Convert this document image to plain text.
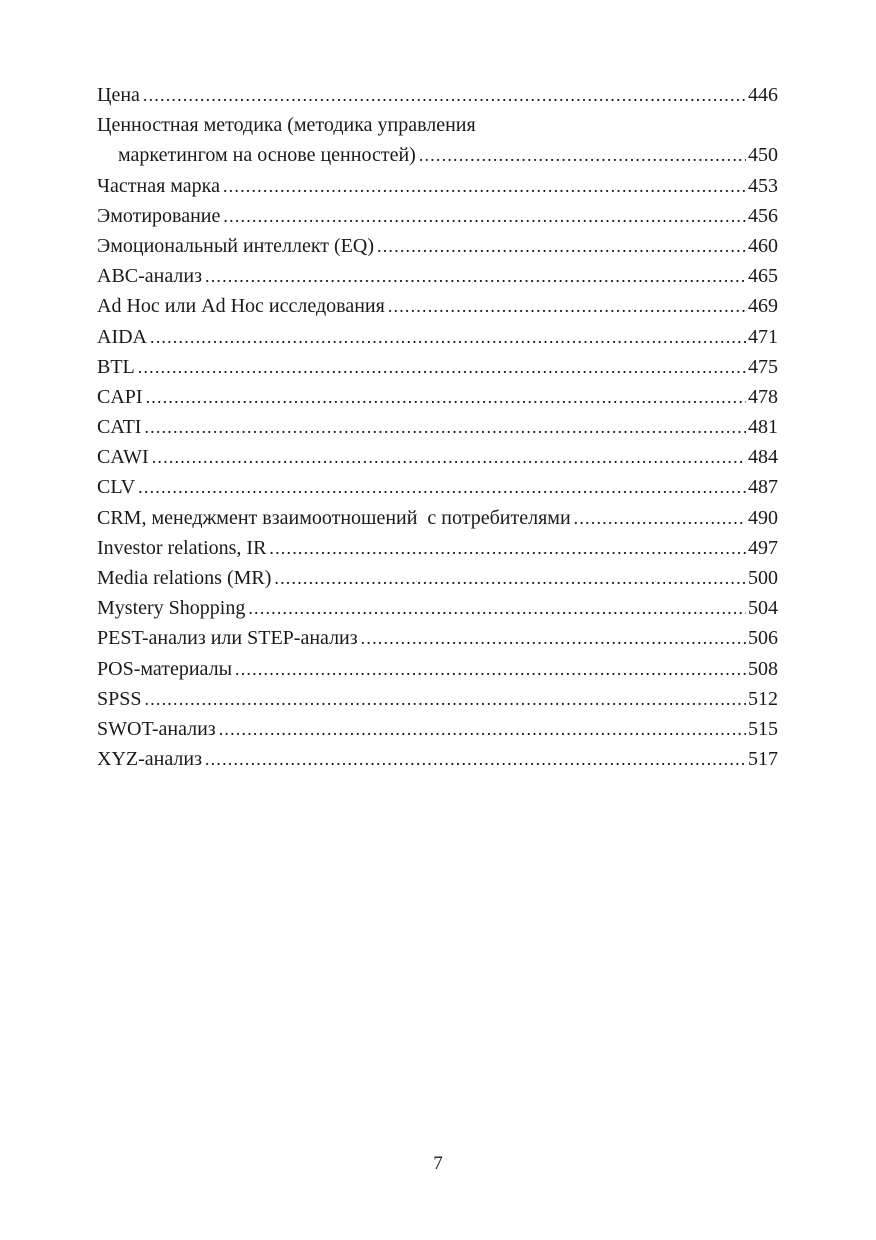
Цена .....	446
Ценностная методика (методика управления
маркетингом на основе ценностей) .....	450
Частная марка .....	453
Эмотирование .....	456
Эмоциональный интеллект (EQ) .....	460
ABC-анализ .....	465
Ad Hoc или Ad Hoc исследования .....	469
AIDA .....	471
BTL .....	475
CAPI .....	478
CATI .....	481
CAWI .....	484
CLV .....	487
CRM, менеджмент взаимоотношений  с потребителями .....	490
Investor relations, IR .....	497
Media relations (MR) .....	500
Mystery Shopping .....	504
PEST-анализ или STEP-анализ .....	506
POS-материалы .....	508
SPSS .....	512
SWOT-анализ .....	515
XYZ-анализ .....	517
7
